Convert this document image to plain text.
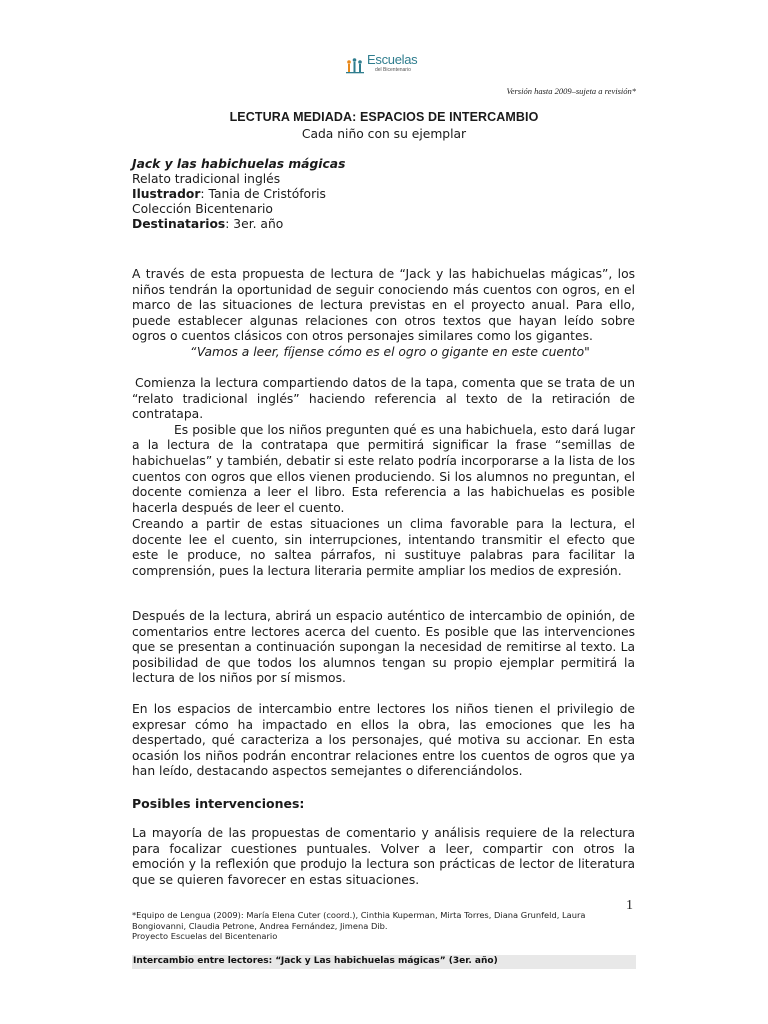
Escuelas
del Bicentenario
Versión hasta 2009–sujeta a revisión*
LECTURA MEDIADA: ESPACIOS DE INTERCAMBIO
Cada niño con su ejemplar
Jack y las habichuelas mágicas
Relato tradicional inglés
Ilustrador: Tania de Cristóforis
Colección Bicentenario
Destinatarios: 3er. año

A través de esta propuesta de lectura de “Jack y las habichuelas mágicas”, los niños tendrán la oportunidad de seguir conociendo más cuentos con ogros, en el marco de las situaciones de lectura previstas en el proyecto anual. Para ello, puede establecer algunas relaciones con otros textos que hayan leído sobre ogros o cuentos clásicos con otros personajes similares como los gigantes.

“Vamos a leer, fíjense cómo es el ogro o gigante en este cuento"

Comienza la lectura compartiendo datos de la tapa, comenta que se trata de un “relato tradicional inglés” haciendo referencia al texto de la retiración de contratapa.

Es posible que los niños pregunten qué es una habichuela, esto dará lugar a la lectura de la contratapa que permitirá significar la frase “semillas de habichuelas” y también, debatir si este relato podría incorporarse a la lista de los cuentos con ogros que ellos vienen produciendo. Si los alumnos no preguntan, el docente comienza a leer el libro. Esta referencia a las habichuelas es posible hacerla después de leer el cuento.

Creando a partir de estas situaciones un clima favorable para la lectura, el docente lee el cuento, sin interrupciones, intentando transmitir el efecto que este le produce, no saltea párrafos, ni sustituye palabras para facilitar la comprensión, pues la lectura literaria permite ampliar los medios de expresión.

Después de la lectura, abrirá un espacio auténtico de intercambio de opinión, de comentarios entre lectores acerca del cuento. Es posible que las intervenciones que se presentan a continuación supongan la necesidad de remitirse al texto. La posibilidad de que todos los alumnos tengan su propio ejemplar permitirá la lectura de los niños por sí mismos.

En los espacios de intercambio entre lectores los niños tienen el privilegio de expresar cómo ha impactado en ellos la obra, las emociones que les ha despertado, qué caracteriza a los personajes, qué motiva su accionar. En esta ocasión los niños podrán encontrar relaciones entre los cuentos de ogros que ya han leído, destacando aspectos semejantes o diferenciándolos.

Posibles intervenciones:

La mayoría de las propuestas de comentario y análisis requiere de la relectura para focalizar cuestiones puntuales. Volver a leer, compartir con otros la emoción y la reflexión que produjo la lectura son prácticas de lector de literatura que se quieren favorecer en estas situaciones.

1
*Equipo de Lengua (2009): María Elena Cuter (coord.), Cinthia Kuperman, Mirta Torres, Diana Grunfeld, Laura Bongiovanni, Claudia Petrone, Andrea Fernández, Jimena Dib.
Proyecto Escuelas del Bicentenario
Intercambio entre lectores: “Jack y Las habichuelas mágicas” (3er. año)
